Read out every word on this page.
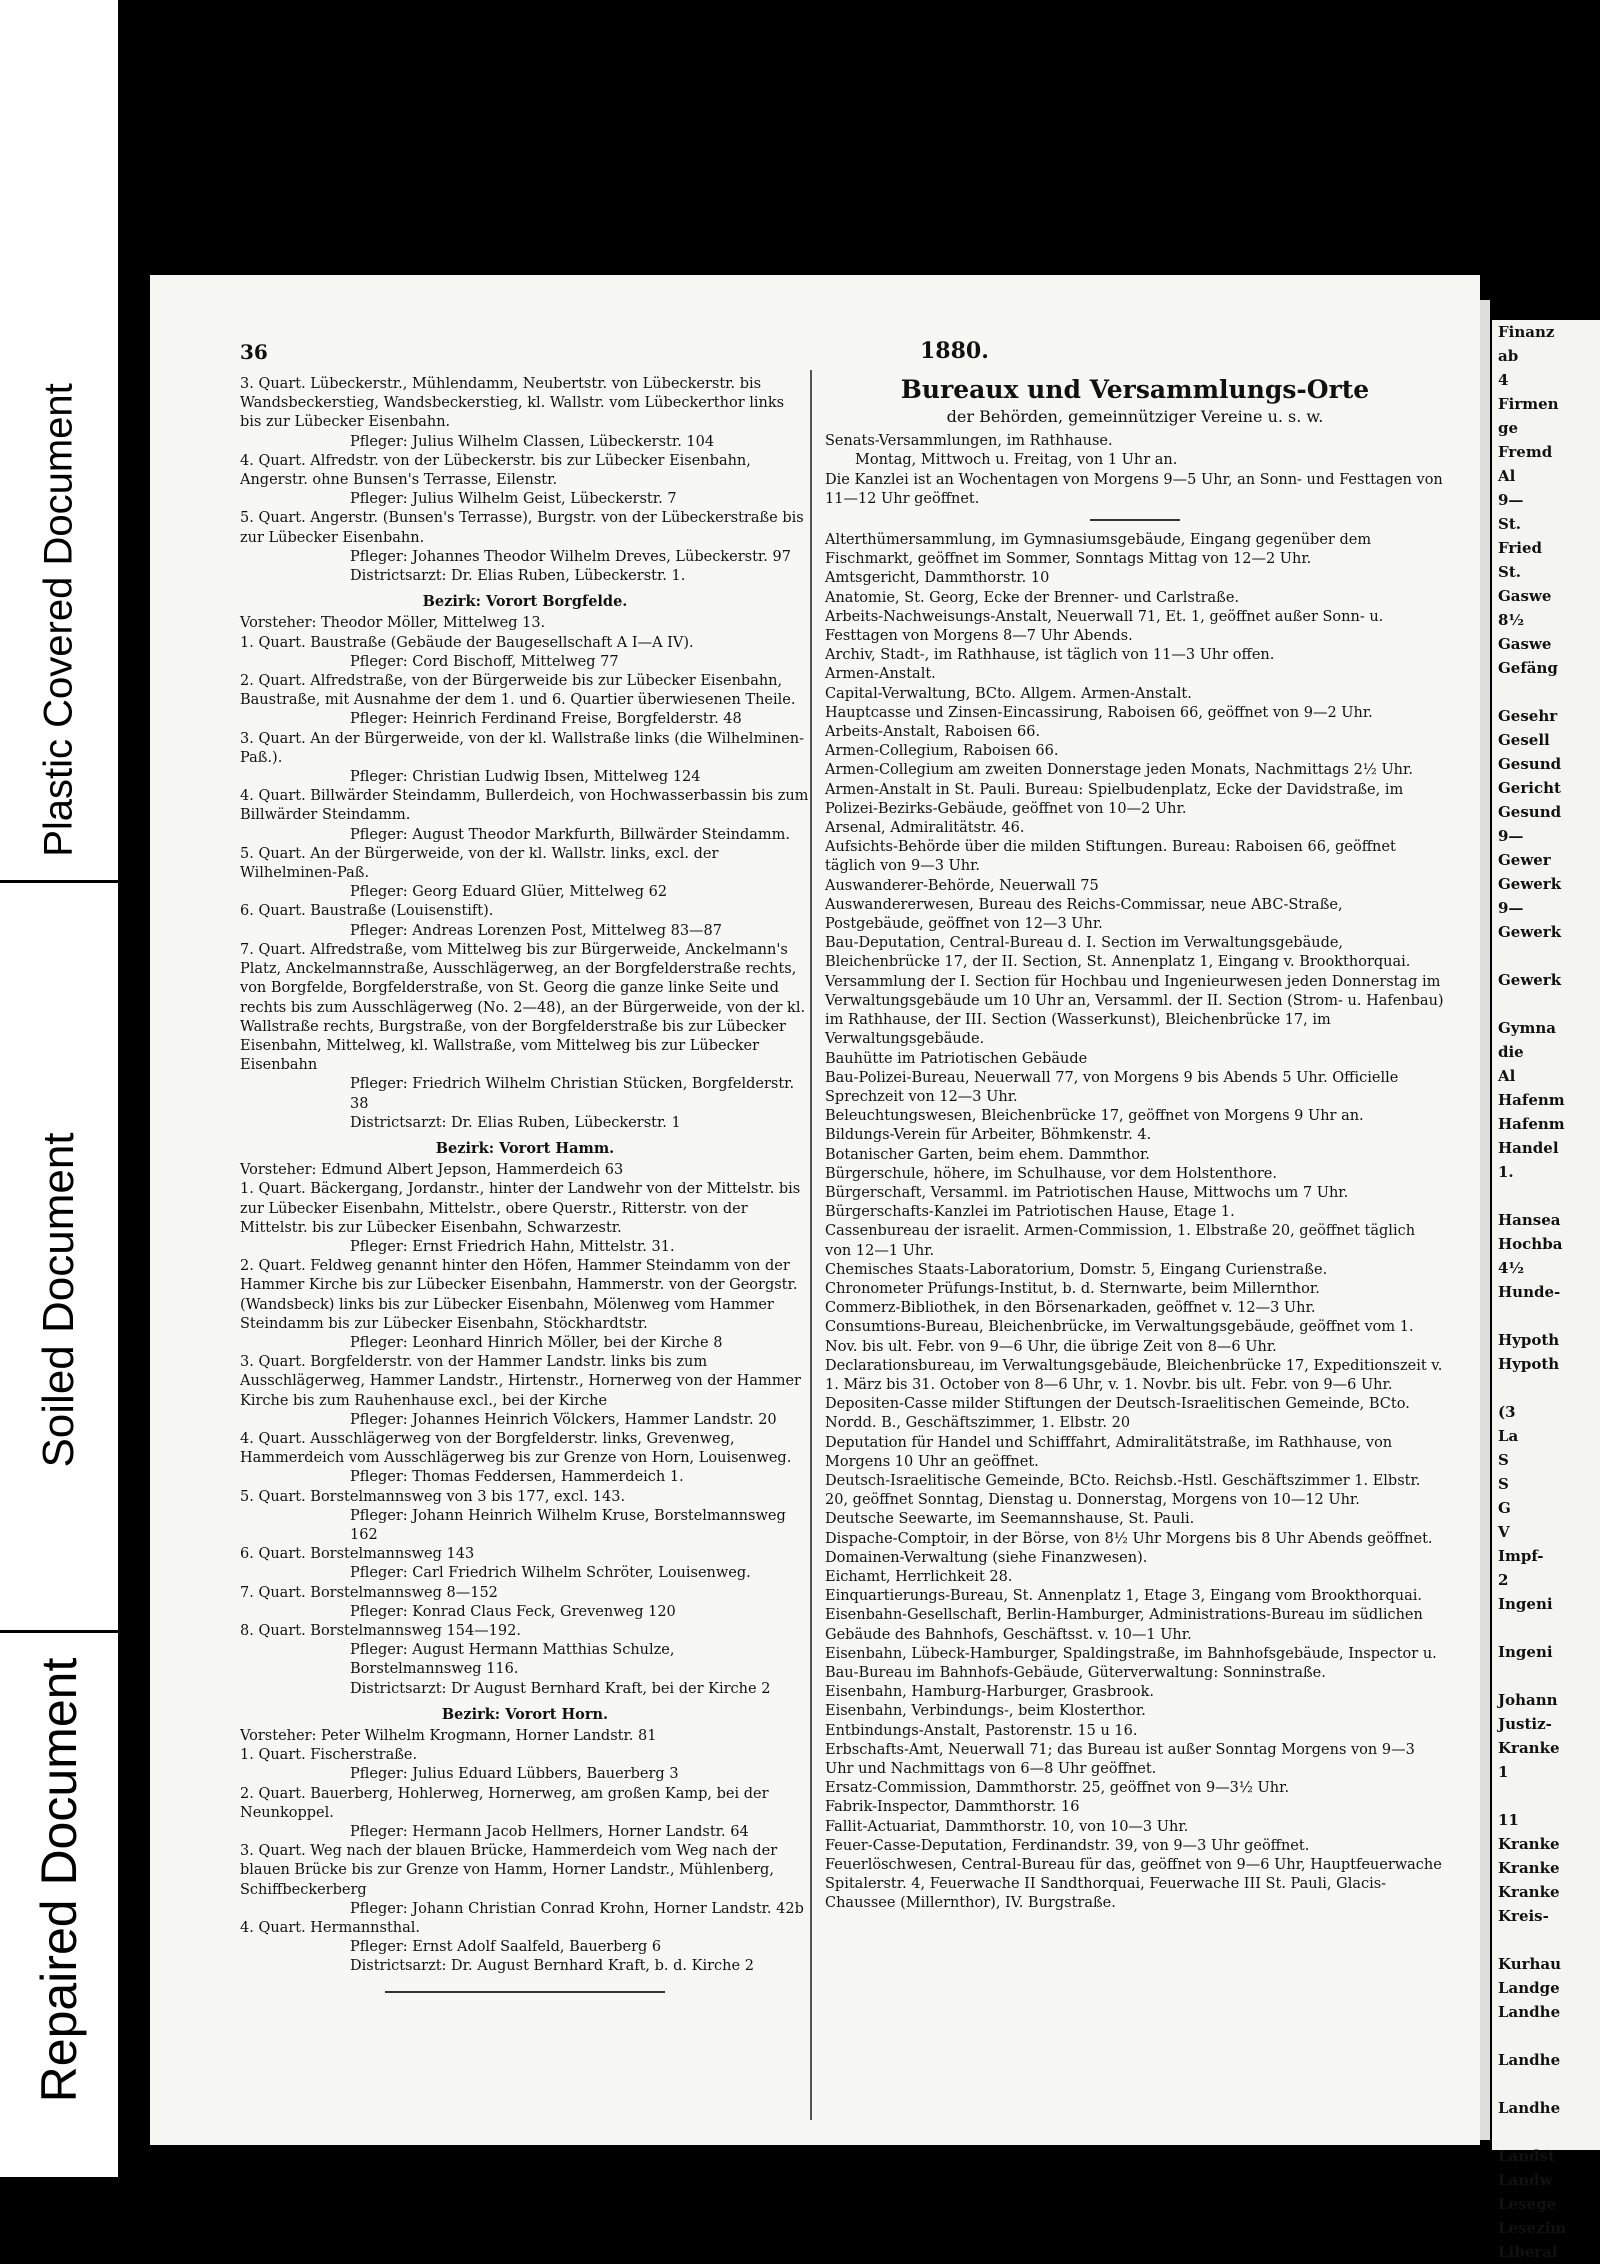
Plastic Covered Document
Soiled Document
Repaired Document
Finanz
ab
4
Firmen
ge
Fremd
Al
9—
St.
Fried
St.
Gaswe
8½
Gaswe
Gefäng

Gesehr
Gesell
Gesund
Gericht
Gesund
9—
Gewer
Gewerk
9—
Gewerk

Gewerk

Gymna
die
Al
Hafenm
Hafenm
Handel
1.

Hansea
Hochba
4½
Hunde-

Hypoth
Hypoth

(3
La
S
S
G
V
Impf-
2
Ingeni

Ingeni

Johann
Justiz-
Kranke
1

11
Kranke
Kranke
Kranke
Kreis-

Kurhau
Landge
Landhe

Landhe

Landhe

Landst
Landw
Lesege
Lesezim
Liberal
36	1880.
3. Quart. Lübeckerstr., Mühlendamm, Neubertstr. von Lübeckerstr. bis Wandsbeckerstieg, Wandsbeckerstieg, kl. Wallstr. vom Lübeckerthor links bis zur Lübecker Eisenbahn.
Pfleger: Julius Wilhelm Classen, Lübeckerstr. 104
4. Quart. Alfredstr. von der Lübeckerstr. bis zur Lübecker Eisenbahn, Angerstr. ohne Bunsen's Terrasse, Eilenstr.
Pfleger: Julius Wilhelm Geist, Lübeckerstr. 7
5. Quart. Angerstr. (Bunsen's Terrasse), Burgstr. von der Lübeckerstraße bis zur Lübecker Eisenbahn.
Pfleger: Johannes Theodor Wilhelm Dreves, Lübeckerstr. 97
Districtsarzt: Dr. Elias Ruben, Lübeckerstr. 1.
Bezirk: Vorort Borgfelde.
Vorsteher: Theodor Möller, Mittelweg 13.
1. Quart. Baustraße (Gebäude der Baugesellschaft A I—A IV).
Pfleger: Cord Bischoff, Mittelweg 77
2. Quart. Alfredstraße, von der Bürgerweide bis zur Lübecker Eisenbahn, Baustraße, mit Ausnahme der dem 1. und 6. Quartier überwiesenen Theile.
Pfleger: Heinrich Ferdinand Freise, Borgfelderstr. 48
3. Quart. An der Bürgerweide, von der kl. Wallstraße links (die Wilhelminen-Paß.).
Pfleger: Christian Ludwig Ibsen, Mittelweg 124
4. Quart. Billwärder Steindamm, Bullerdeich, von Hochwasserbassin bis zum Billwärder Steindamm.
Pfleger: August Theodor Markfurth, Billwärder Steindamm.
5. Quart. An der Bürgerweide, von der kl. Wallstr. links, excl. der Wilhelminen-Paß.
Pfleger: Georg Eduard Glüer, Mittelweg 62
6. Quart. Baustraße (Louisenstift).
Pfleger: Andreas Lorenzen Post, Mittelweg 83—87
7. Quart. Alfredstraße, vom Mittelweg bis zur Bürgerweide, Anckelmann's Platz, Anckelmannstraße, Ausschlägerweg, an der Borgfelderstraße rechts, von Borgfelde, Borgfelderstraße, von St. Georg die ganze linke Seite und rechts bis zum Ausschlägerweg (No. 2—48), an der Bürgerweide, von der kl. Wallstraße rechts, Burgstraße, von der Borgfelderstraße bis zur Lübecker Eisenbahn, Mittelweg, kl. Wallstraße, vom Mittelweg bis zur Lübecker Eisenbahn
Pfleger: Friedrich Wilhelm Christian Stücken, Borgfelderstr. 38
Districtsarzt: Dr. Elias Ruben, Lübeckerstr. 1
Bezirk: Vorort Hamm.
Vorsteher: Edmund Albert Jepson, Hammerdeich 63
1. Quart. Bäckergang, Jordanstr., hinter der Landwehr von der Mittelstr. bis zur Lübecker Eisenbahn, Mittelstr., obere Querstr., Ritterstr. von der Mittelstr. bis zur Lübecker Eisenbahn, Schwarzestr.
Pfleger: Ernst Friedrich Hahn, Mittelstr. 31.
2. Quart. Feldweg genannt hinter den Höfen, Hammer Steindamm von der Hammer Kirche bis zur Lübecker Eisenbahn, Hammerstr. von der Georgstr. (Wandsbeck) links bis zur Lübecker Eisenbahn, Mölenweg vom Hammer Steindamm bis zur Lübecker Eisenbahn, Stöckhardtstr.
Pfleger: Leonhard Hinrich Möller, bei der Kirche 8
3. Quart. Borgfelderstr. von der Hammer Landstr. links bis zum Ausschlägerweg, Hammer Landstr., Hirtenstr., Hornerweg von der Hammer Kirche bis zum Rauhenhause excl., bei der Kirche
Pfleger: Johannes Heinrich Völckers, Hammer Landstr. 20
4. Quart. Ausschlägerweg von der Borgfelderstr. links, Grevenweg, Hammerdeich vom Ausschlägerweg bis zur Grenze von Horn, Louisenweg.
Pfleger: Thomas Feddersen, Hammerdeich 1.
5. Quart. Borstelmannsweg von 3 bis 177, excl. 143.
Pfleger: Johann Heinrich Wilhelm Kruse, Borstelmannsweg 162
6. Quart. Borstelmannsweg 143
Pfleger: Carl Friedrich Wilhelm Schröter, Louisenweg.
7. Quart. Borstelmannsweg 8—152
Pfleger: Konrad Claus Feck, Grevenweg 120
8. Quart. Borstelmannsweg 154—192.
Pfleger: August Hermann Matthias Schulze, Borstelmannsweg 116.
Districtsarzt: Dr August Bernhard Kraft, bei der Kirche 2
Bezirk: Vorort Horn.
Vorsteher: Peter Wilhelm Krogmann, Horner Landstr. 81
1. Quart. Fischerstraße.
Pfleger: Julius Eduard Lübbers, Bauerberg 3
2. Quart. Bauerberg, Hohlerweg, Hornerweg, am großen Kamp, bei der Neunkoppel.
Pfleger: Hermann Jacob Hellmers, Horner Landstr. 64
3. Quart. Weg nach der blauen Brücke, Hammerdeich vom Weg nach der blauen Brücke bis zur Grenze von Hamm, Horner Landstr., Mühlenberg, Schiffbeckerberg
Pfleger: Johann Christian Conrad Krohn, Horner Landstr. 42b
4. Quart. Hermannsthal.
Pfleger: Ernst Adolf Saalfeld, Bauerberg 6
Districtsarzt: Dr. August Bernhard Kraft, b. d. Kirche 2
Bureaux und Versammlungs-Orte
der Behörden, gemeinnütziger Vereine u. s. w.
Senats-Versammlungen, im Rathhause.
Montag, Mittwoch u. Freitag, von 1 Uhr an.
Die Kanzlei ist an Wochentagen von Morgens 9—5 Uhr, an Sonn- und Festtagen von 11—12 Uhr geöffnet.
Alterthümersammlung, im Gymnasiumsgebäude, Eingang gegenüber dem Fischmarkt, geöffnet im Sommer, Sonntags Mittag von 12—2 Uhr.
Amtsgericht, Dammthorstr. 10
Anatomie, St. Georg, Ecke der Brenner- und Carlstraße.
Arbeits-Nachweisungs-Anstalt, Neuerwall 71, Et. 1, geöffnet außer Sonn- u. Festtagen von Morgens 8—7 Uhr Abends.
Archiv, Stadt-, im Rathhause, ist täglich von 11—3 Uhr offen.
Armen-Anstalt.
Capital-Verwaltung, BCto. Allgem. Armen-Anstalt.
Hauptcasse und Zinsen-Eincassirung, Raboisen 66, geöffnet von 9—2 Uhr.
Arbeits-Anstalt, Raboisen 66.
Armen-Collegium, Raboisen 66.
Armen-Collegium am zweiten Donnerstage jeden Monats, Nachmittags 2½ Uhr.
Armen-Anstalt in St. Pauli. Bureau: Spielbudenplatz, Ecke der Davidstraße, im Polizei-Bezirks-Gebäude, geöffnet von 10—2 Uhr.
Arsenal, Admiralitätstr. 46.
Aufsichts-Behörde über die milden Stiftungen. Bureau: Raboisen 66, geöffnet täglich von 9—3 Uhr.
Auswanderer-Behörde, Neuerwall 75
Auswandererwesen, Bureau des Reichs-Commissar, neue ABC-Straße, Postgebäude, geöffnet von 12—3 Uhr.
Bau-Deputation, Central-Bureau d. I. Section im Verwaltungsgebäude, Bleichenbrücke 17, der II. Section, St. Annenplatz 1, Eingang v. Brookthorquai. Versammlung der I. Section für Hochbau und Ingenieurwesen jeden Donnerstag im Verwaltungsgebäude um 10 Uhr an, Versamml. der II. Section (Strom- u. Hafenbau) im Rathhause, der III. Section (Wasserkunst), Bleichenbrücke 17, im Verwaltungsgebäude.
Bauhütte im Patriotischen Gebäude
Bau-Polizei-Bureau, Neuerwall 77, von Morgens 9 bis Abends 5 Uhr. Officielle Sprechzeit von 12—3 Uhr.
Beleuchtungswesen, Bleichenbrücke 17, geöffnet von Morgens 9 Uhr an.
Bildungs-Verein für Arbeiter, Böhmkenstr. 4.
Botanischer Garten, beim ehem. Dammthor.
Bürgerschule, höhere, im Schulhause, vor dem Holstenthore.
Bürgerschaft, Versamml. im Patriotischen Hause, Mittwochs um 7 Uhr.
Bürgerschafts-Kanzlei im Patriotischen Hause, Etage 1.
Cassenbureau der israelit. Armen-Commission, 1. Elbstraße 20, geöffnet täglich von 12—1 Uhr.
Chemisches Staats-Laboratorium, Domstr. 5, Eingang Curienstraße.
Chronometer Prüfungs-Institut, b. d. Sternwarte, beim Millernthor.
Commerz-Bibliothek, in den Börsenarkaden, geöffnet v. 12—3 Uhr.
Consumtions-Bureau, Bleichenbrücke, im Verwaltungsgebäude, geöffnet vom 1. Nov. bis ult. Febr. von 9—6 Uhr, die übrige Zeit von 8—6 Uhr.
Declarationsbureau, im Verwaltungsgebäude, Bleichenbrücke 17, Expeditionszeit v. 1. März bis 31. October von 8—6 Uhr, v. 1. Novbr. bis ult. Febr. von 9—6 Uhr.
Depositen-Casse milder Stiftungen der Deutsch-Israelitischen Gemeinde, BCto. Nordd. B., Geschäftszimmer, 1. Elbstr. 20
Deputation für Handel und Schifffahrt, Admiralitätstraße, im Rathhause, von Morgens 10 Uhr an geöffnet.
Deutsch-Israelitische Gemeinde, BCto. Reichsb.-Hstl. Geschäftszimmer 1. Elbstr. 20, geöffnet Sonntag, Dienstag u. Donnerstag, Morgens von 10—12 Uhr.
Deutsche Seewarte, im Seemannshause, St. Pauli.
Dispache-Comptoir, in der Börse, von 8½ Uhr Morgens bis 8 Uhr Abends geöffnet.
Domainen-Verwaltung (siehe Finanzwesen).
Eichamt, Herrlichkeit 28.
Einquartierungs-Bureau, St. Annenplatz 1, Etage 3, Eingang vom Brookthorquai.
Eisenbahn-Gesellschaft, Berlin-Hamburger, Administrations-Bureau im südlichen Gebäude des Bahnhofs, Geschäftsst. v. 10—1 Uhr.
Eisenbahn, Lübeck-Hamburger, Spaldingstraße, im Bahnhofsgebäude, Inspector u. Bau-Bureau im Bahnhofs-Gebäude, Güterverwaltung: Sonninstraße.
Eisenbahn, Hamburg-Harburger, Grasbrook.
Eisenbahn, Verbindungs-, beim Klosterthor.
Entbindungs-Anstalt, Pastorenstr. 15 u 16.
Erbschafts-Amt, Neuerwall 71; das Bureau ist außer Sonntag Morgens von 9—3 Uhr und Nachmittags von 6—8 Uhr geöffnet.
Ersatz-Commission, Dammthorstr. 25, geöffnet von 9—3½ Uhr.
Fabrik-Inspector, Dammthorstr. 16
Fallit-Actuariat, Dammthorstr. 10, von 10—3 Uhr.
Feuer-Casse-Deputation, Ferdinandstr. 39, von 9—3 Uhr geöffnet.
Feuerlöschwesen, Central-Bureau für das, geöffnet von 9—6 Uhr, Hauptfeuerwache Spitalerstr. 4, Feuerwache II Sandthorquai, Feuerwache III St. Pauli, Glacis-Chaussee (Millernthor), IV. Burgstraße.
